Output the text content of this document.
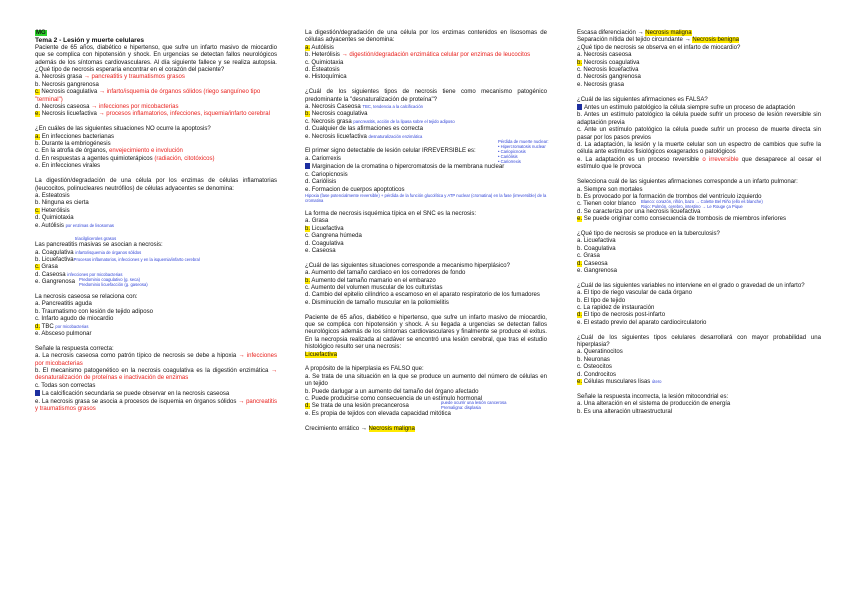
MG

Tema 2 - Lesión y muerte celulares

Paciente de 65 años, diabético e hipertenso, que sufre un infarto masivo de miocardio que se complica con hipotensión y shock. En urgencias se detectan fallos neurológicos además de los síntomas cardiovasculares. Al día siguiente fallece y se realiza autopsia. ¿Qué tipo de necrosis esperaría encontrar en el corazón del paciente?

a. Necrosis grasa → pancreatitis y traumatismos grasos

b. Necrosis gangrenosa

c. Necrosis coagulativa → infarto/isquemia de órganos sólidos (riego sanguíneo tipo "terminal")

d. Necrosis caseosa → infecciones por micobacterias

e. Necrosis licuefactiva → procesos inflamatorios, infecciones, isquemia/infarto cerebral

¿En cuáles de las siguientes situaciones NO ocurre la apoptosis?

a. En infecciones bacterianas

b. Durante la embriogénesis

c. En la atrofia de órganos, envejecimiento e involución

d. En respuestas a agentes quimioterápicos (radiación, citotóxicos)

e. En infecciones virales

La digestión/degradación de una célula por los enzimas de células inflamatorias (leucocitos, polinucleares neutrófilos) de células adyacentes se denomina:

a. Esteatosis

b. Ninguna es cierta

c. Heterólisis

d. Quimiotaxia

e. Autólisis por enzimas de lisosomas

triacilgliceroles grasos

Las pancreatitis masivas se asocian a necrosis:

a. Coagulativa infarto/isquemia de órganos sólidos

b. LicuefactivaProcesos inflamatorios, infecciones y en la isquemia/infarto cerebral

c. Grasa

d. Caseosa infecciones por micobacterias

e. Gangrenosa Predominio coagulativo (g. seca)
Predominio licuefacción (g. gaseosa)

La necrosis caseosa se relaciona con:

a. Pancreatitis aguda

b. Traumatismo con lesión de tejido adiposo

c. Infarto agudo de miocardio

d. TBC por micobacterias

e. Absceso pulmonar

Señale la respuesta correcta:

a. La necrosis caseosa como patrón típico de necrosis se debe a hipoxia → infecciones por micobacterias

b. El mecanismo patogenético en la necrosis coagulativa es la digestión enzimática → desnaturalización de proteínas e inactivación de enzimas

c. Todas son correctas

La calcificación secundaria se puede observar en la necrosis caseosa

e. La necrosis grasa se asocia a procesos de isquemia en órganos sólidos → pancreatitis y traumatismos grasos

La digestión/degradación de una célula por los enzimas contenidos en lisosomas de células adyacentes se denomina:

a. Autólisis

b. Heterólisis → digestión/degradación enzimática celular por enzimas de leucocitos

c. Quimiotaxia

d. Esteatosis

e. Histoquímica

¿Cuál de los siguientes tipos de necrosis tiene como mecanismo patogénico predominante la "desnaturalización de proteína"?

a. Necrosis Caseosa TBC, tendencia a la calcificación

b. Necrosis coagulativa

c. Necrosis grasa pancreatitis, acción de la lipasa sobre el tejido adiposo

d. Cualquier de las afirmaciones es correcta

e. Necrosis licuefactiva desnaturalización enzimática

Pérdida de muerte nuclear:
• Hipercromatosis nuclear
• Cariopicnosis
• Cariólisis
• Cariorrexis

El primer signo detectable de lesión celular IRREVERSIBLE es:

a. Cariorrexis

Marginacion de la cromatina o hipercromatosis de la membrana nuclear

c. Cariopicnosis

d. Cariólisis

e. Formacion de cuerpos apoptoticos

Hipoxia (fase potencialmente reversible) + pérdida de la función glucolítica y ATP nuclear (cromatina) en la fase (irreversible) de la cromatina

La forma de necrosis isquémica típica en el SNC es la necrosis:

a. Grasa

b. Licuefactiva

c. Gangrena húmeda

d. Coagulativa

e. Caseosa

¿Cuál de las siguientes situaciones corresponde a mecanismo hiperplásico?

a. Aumento del tamaño cardiaco en los corredores de fondo

b. Aumento del tamaño mamario en el embarazo

c. Aumento del volumen muscular de los culturistas

d. Cambio del epitelio cilíndrico a escamoso en el aparato respiratorio de los fumadores

e. Disminución de tamaño muscular en la poliomielitis

Paciente de 65 años, diabético e hipertenso, que sufre un infarto masivo de miocardio, que se complica con hipotensión y shock. A su llegada a urgencias se detectan fallos neurológicos además de los síntomas cardiovasculares y finalmente se produce el exitus. En la necropsia realizada al cadáver se encontró una lesión cerebral, que tras el estudio histológico resulto ser una necrosis:

Licuefactiva

A propósito de la hiperplasia es FALSO que:

a. Se trata de una situación en la que se produce un aumento del número de células en un tejido

b. Puede darlugar a un aumento del tamaño del órgano afectado

c. Puede producirse como consecuencia de un estímulo hormonal

d. Se trata de una lesión precancerosa
puede ocurrir una lesión cancerosa
Premaligna: displasia

e. Es propia de tejidos con elevada capacidad mitótica

Crecimiento errático → Necrosis maligna

Escasa diferenciación → Necrosis maligna

Separación nítida del tejido circundante → Necrosis benigna

¿Qué tipo de necrosis se observa en el infarto de miocardio?

a. Necrosis caseosa

b. Necrosis coagulativa

c. Necrosis licuefactiva

d. Necrosis gangrenosa

e. Necrosis grasa

¿Cuál de las siguientes afirmaciones es FALSA?

Antes un estímulo patológico la célula siempre sufre un proceso de adaptación

b. Antes un estímulo patológico la célula puede sufrir un proceso de lesión reversible sin adaptación previa

c. Ante un estímulo patológico la célula puede sufrir un proceso de muerte directa sin pasar por los pasos previos

d. La adaptación, la lesión y la muerte celular son un espectro de cambios que sufre la célula ante estímulos fisiológicos exagerados o patológicos

e. La adaptación es un proceso reversible o irreversible que desaparece al cesar el estímulo que le provoca

Selecciona cuál de las siguientes afirmaciones corresponde a un infarto pulmonar:

a. Siempre son mortales

b. Es provocado por la formación de trombos del ventrículo izquierdo

c. Tienen color blanco Blanco: corazón, riñón, bazo → Colette Bel Riño (ello es blanche)
Rojo: Pulmón, cerebro, intestino → Le Rouge ça Pique

d. Se caracteriza por una necrosis licuefactiva

e. Se puede originar como consecuencia de trombosis de miembros inferiores

¿Qué tipo de necrosis se produce en la tuberculosis?

a. Licuefactiva

b. Coagulativa

c. Grasa

d. Caseosa

e. Gangrenosa

¿Cuál de las siguientes variables no interviene en el grado o gravedad de un infarto?

a. El tipo de riego vascular de cada órgano

b. El tipo de tejido

c. La rapidez de instauración

d. El tipo de necrosis post-infarto

e. El estado previo del aparato cardiocirculatorio

¿Cuál de los siguientes tipos celulares desarrollará con mayor probabilidad una hiperplasia?

a. Queratinocitos

b. Neuronas

c. Osteocitos

d. Condrocitos

e. Células musculares lisas útero

Señale la respuesta incorrecta, la lesión mitocondrial es:

a. Una alteración en el sistema de producción de energía

b. Es una alteración ultraestructural
